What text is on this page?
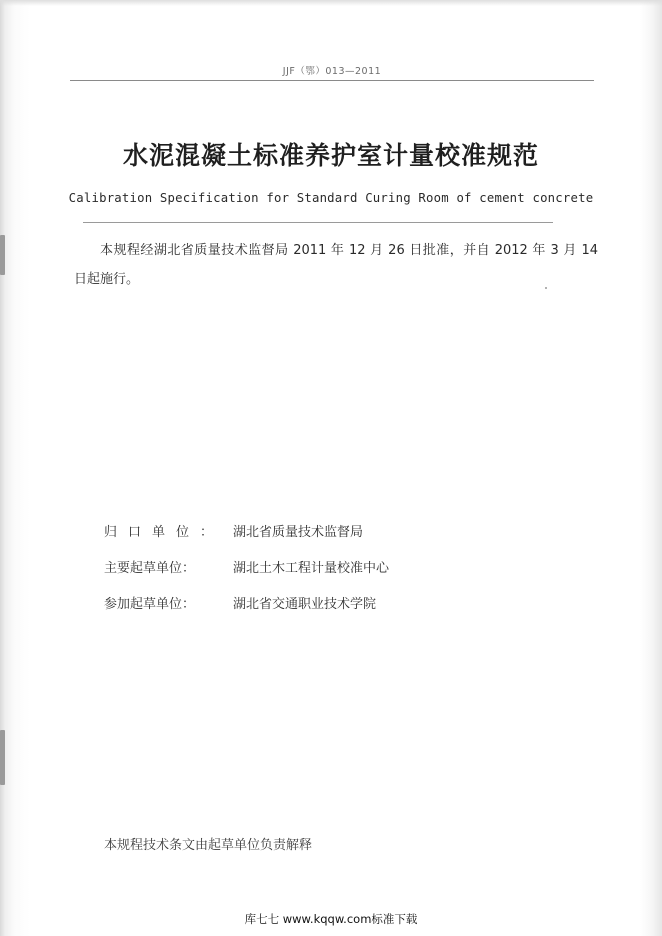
JJF（鄂）013—2011
水泥混凝土标准养护室计量校准规范
Calibration Specification for Standard Curing Room of cement concrete
本规程经湖北省质量技术监督局 2011 年 12 月 26 日批准，并自 2012 年 3 月 14 日起施行。
归口单位：	湖北省质量技术监督局
主要起草单位：	湖北土木工程计量校准中心
参加起草单位：	湖北省交通职业技术学院
本规程技术条文由起草单位负责解释
库七七 www.kqqw.com标准下载
